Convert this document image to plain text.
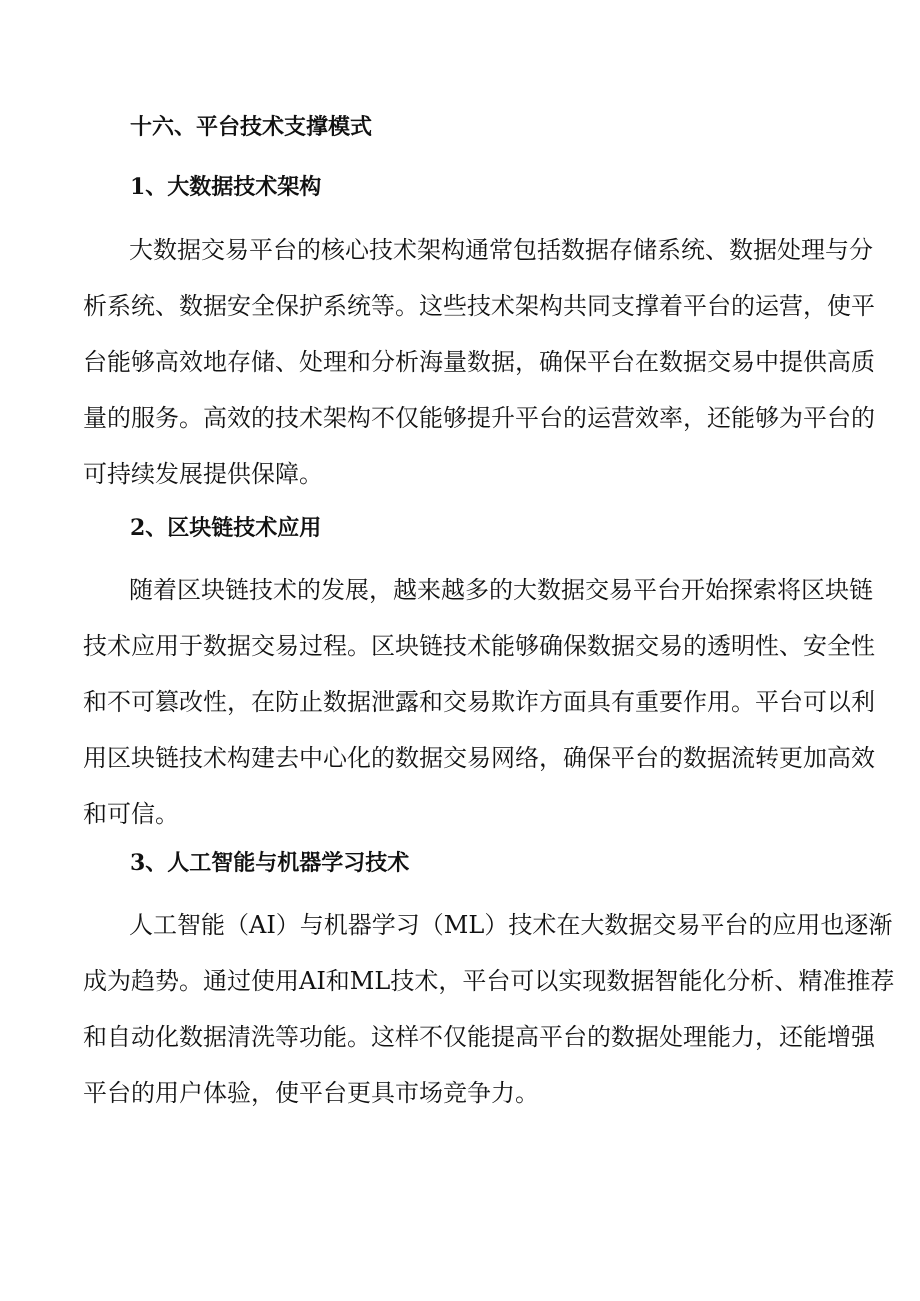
十六、平台技术支撑模式
1、大数据技术架构

大数据交易平台的核心技术架构通常包括数据存储系统、数据处理与分
析系统、数据安全保护系统等。这些技术架构共同支撑着平台的运营，使平
台能够高效地存储、处理和分析海量数据，确保平台在数据交易中提供高质
量的服务。高效的技术架构不仅能够提升平台的运营效率，还能够为平台的
可持续发展提供保障。

2、区块链技术应用

随着区块链技术的发展，越来越多的大数据交易平台开始探索将区块链
技术应用于数据交易过程。区块链技术能够确保数据交易的透明性、安全性
和不可篡改性，在防止数据泄露和交易欺诈方面具有重要作用。平台可以利
用区块链技术构建去中心化的数据交易网络，确保平台的数据流转更加高效
和可信。

3、人工智能与机器学习技术

人工智能（AI）与机器学习（ML）技术在大数据交易平台的应用也逐渐
成为趋势。通过使用AI和ML技术，平台可以实现数据智能化分析、精准推荐
和自动化数据清洗等功能。这样不仅能提高平台的数据处理能力，还能增强
平台的用户体验，使平台更具市场竞争力。
